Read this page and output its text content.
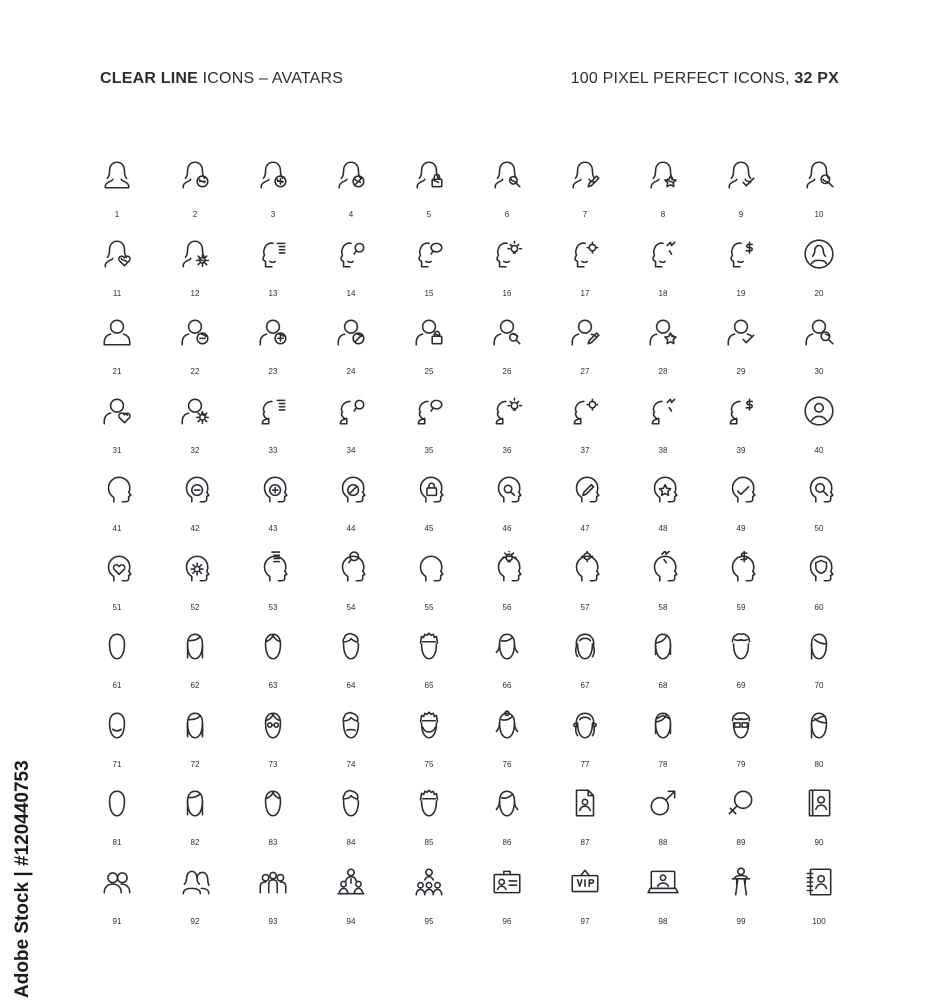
CLEAR LINE ICONS – AVATARS	100 PIXEL PERFECT ICONS, 32 PX
1	2	3	4	5	6	7	8	9	10
11	12	13	14	15	16	17	18	19	20
21	22	23	24	25	26	27	28	29	30
31	32	33	34	35	36	37	38	39	40
41	42	43	44	45	46	47	48	49	50
51	52	53	54	55	56	57	58	59	60
61	62	63	64	65	66	67	68	69	70
71	72	73	74	75	76	77	78	79	80
81	82	83	84	85	86	87	88	89	90
91	92	93	94	95	96	97	98	99	100
Adobe Stock | #120440753
